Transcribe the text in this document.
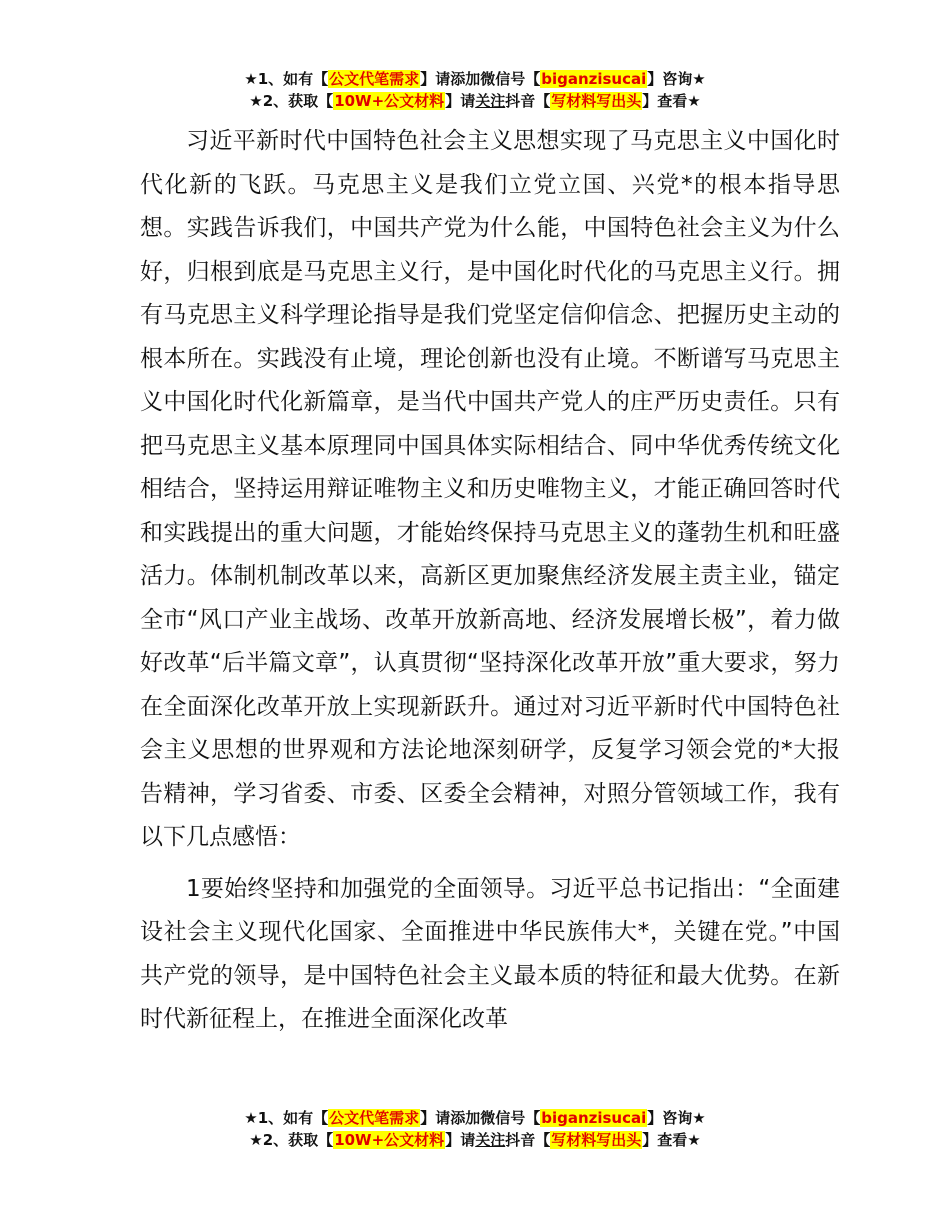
★1、如有【公文代笔需求】请添加微信号【biganzisucai】咨询★
★2、获取【10W+公文材料】请关注抖音【写材料写出头】查看★

习近平新时代中国特色社会主义思想实现了马克思主义中国化时代化新的飞跃。马克思主义是我们立党立国、兴党*的根本指导思想。实践告诉我们，中国共产党为什么能，中国特色社会主义为什么好，归根到底是马克思主义行，是中国化时代化的马克思主义行。拥有马克思主义科学理论指导是我们党坚定信仰信念、把握历史主动的根本所在。实践没有止境，理论创新也没有止境。不断谱写马克思主义中国化时代化新篇章，是当代中国共产党人的庄严历史责任。只有把马克思主义基本原理同中国具体实际相结合、同中华优秀传统文化相结合，坚持运用辩证唯物主义和历史唯物主义，才能正确回答时代和实践提出的重大问题，才能始终保持马克思主义的蓬勃生机和旺盛活力。体制机制改革以来，高新区更加聚焦经济发展主责主业，锚定全市“风口产业主战场、改革开放新高地、经济发展增长极”，着力做好改革“后半篇文章”，认真贯彻“坚持深化改革开放”重大要求，努力在全面深化改革开放上实现新跃升。通过对习近平新时代中国特色社会主义思想的世界观和方法论地深刻研学，反复学习领会党的*大报告精神，学习省委、市委、区委全会精神，对照分管领域工作，我有以下几点感悟：

1要始终坚持和加强党的全面领导。习近平总书记指出：“全面建设社会主义现代化国家、全面推进中华民族伟大*，关键在党。”中国共产党的领导，是中国特色社会主义最本质的特征和最大优势。在新时代新征程上，在推进全面深化改革

★1、如有【公文代笔需求】请添加微信号【biganzisucai】咨询★
★2、获取【10W+公文材料】请关注抖音【写材料写出头】查看★
